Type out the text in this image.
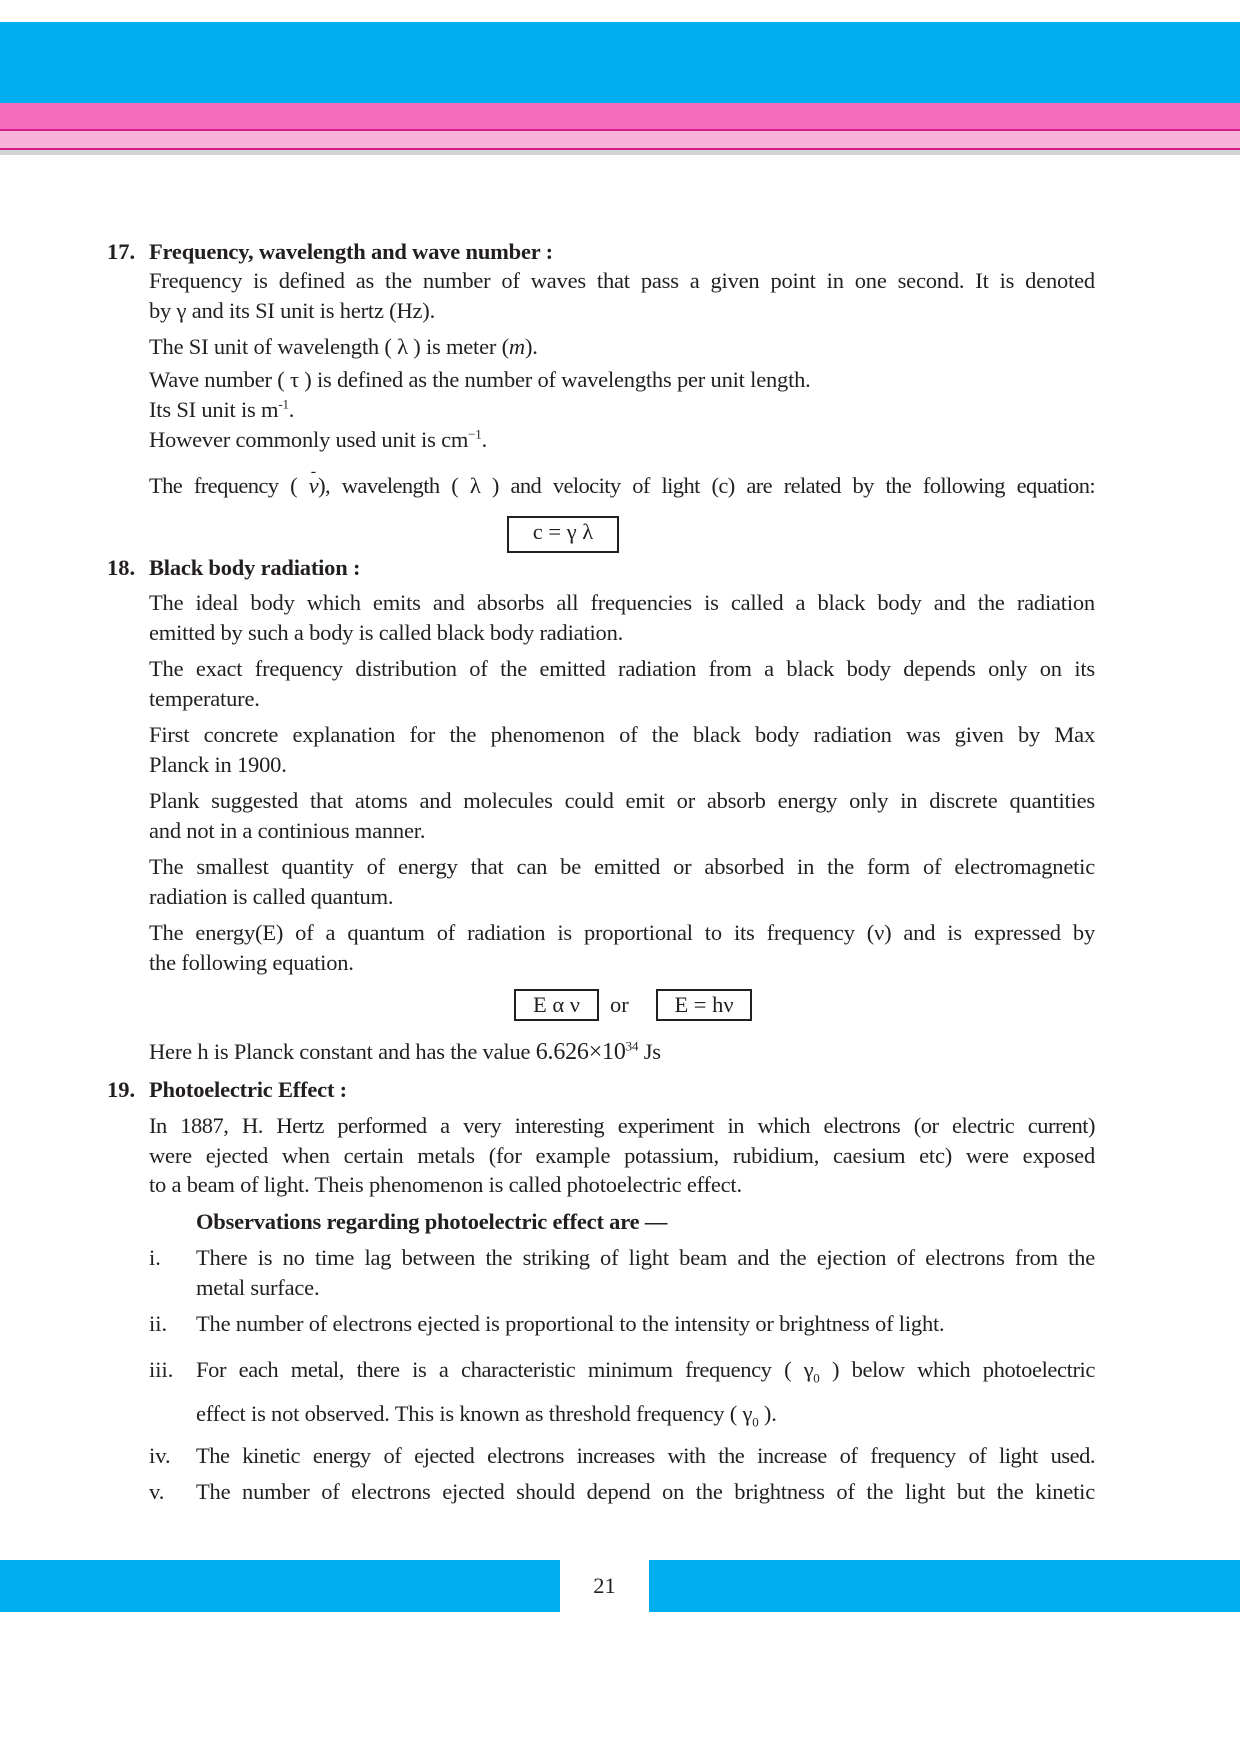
17. Frequency, wavelength and wave number :
Frequency is defined as the number of waves that pass a given point in one second. It is denoted
by γ and its SI unit is hertz (Hz).
The SI unit of wavelength ( λ ) is meter (m).
Wave number ( τ ) is defined as the number of wavelengths per unit length.
Its SI unit is $m^{-1}$.
However commonly used unit is $cm^{-1}$.
The frequency ( - ν), wavelength ( λ ) and velocity of light (c) are related by the following equation:
c = γ λ
18. Black body radiation :
The ideal body which emits and absorbs all frequencies is called a black body and the radiation
emitted by such a body is called black body radiation.
The exact frequency distribution of the emitted radiation from a black body depends only on its
temperature.
First concrete explanation for the phenomenon of the black body radiation was given by Max
Planck in 1900.
Plank suggested that atoms and molecules could emit or absorb energy only in discrete quantities
and not in a continious manner.
The smallest quantity of energy that can be emitted or absorbed in the form of electromagnetic
radiation is called quantum.
The energy(E) of a quantum of radiation is proportional to its frequency (ν) and is expressed by
the following equation.
E α ν	or	E = hν
Here h is Planck constant and has the value $6.626\times 10^{34}$ Js
19. Photoelectric Effect :
In 1887, H. Hertz performed a very interesting experiment in which electrons (or electric current)
were ejected when certain metals (for example potassium, rubidium, caesium etc) were exposed
to a beam of light. Theis phenomenon is called photoelectric effect.
Observations regarding photoelectric effect are —
i. There is no time lag between the striking of light beam and the ejection of electrons from the
metal surface.
ii. The number of electrons ejected is proportional to the intensity or brightness of light.
iii. For each metal, there is a characteristic minimum frequency ( $\gamma_0$ ) below which photoelectric
effect is not observed. This is known as threshold frequency ( $\gamma_0$ ).
iv. The kinetic energy of ejected electrons increases with the increase of frequency of light used.
v. The number of electrons ejected should depend on the brightness of the light but the kinetic
21
